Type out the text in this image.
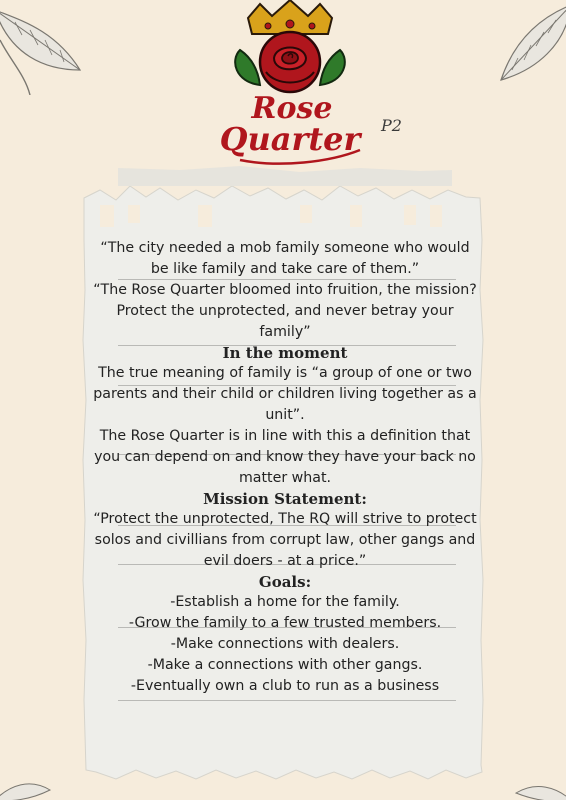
Rose
Quarter P2

“The city needed a mob family someone who would be like family and take care of them.”

“The Rose Quarter bloomed into fruition, the mission? Protect the unprotected, and never betray your family”

In the moment

The true meaning of family is “a group of one or two parents and their child or children living together as a unit”.

The Rose Quarter is in line with this a definition that you can depend on and know they have your back no matter what.

Mission Statement:

“Protect the unprotected, The RQ will strive to protect solos and civillians from corrupt law, other gangs and evil doers - at a price.”

Goals:

-Establish a home for the family.

-Grow the family to a few trusted members.

-Make connections with dealers.

-Make a connections with other gangs.

-Eventually own a club to run as a business
